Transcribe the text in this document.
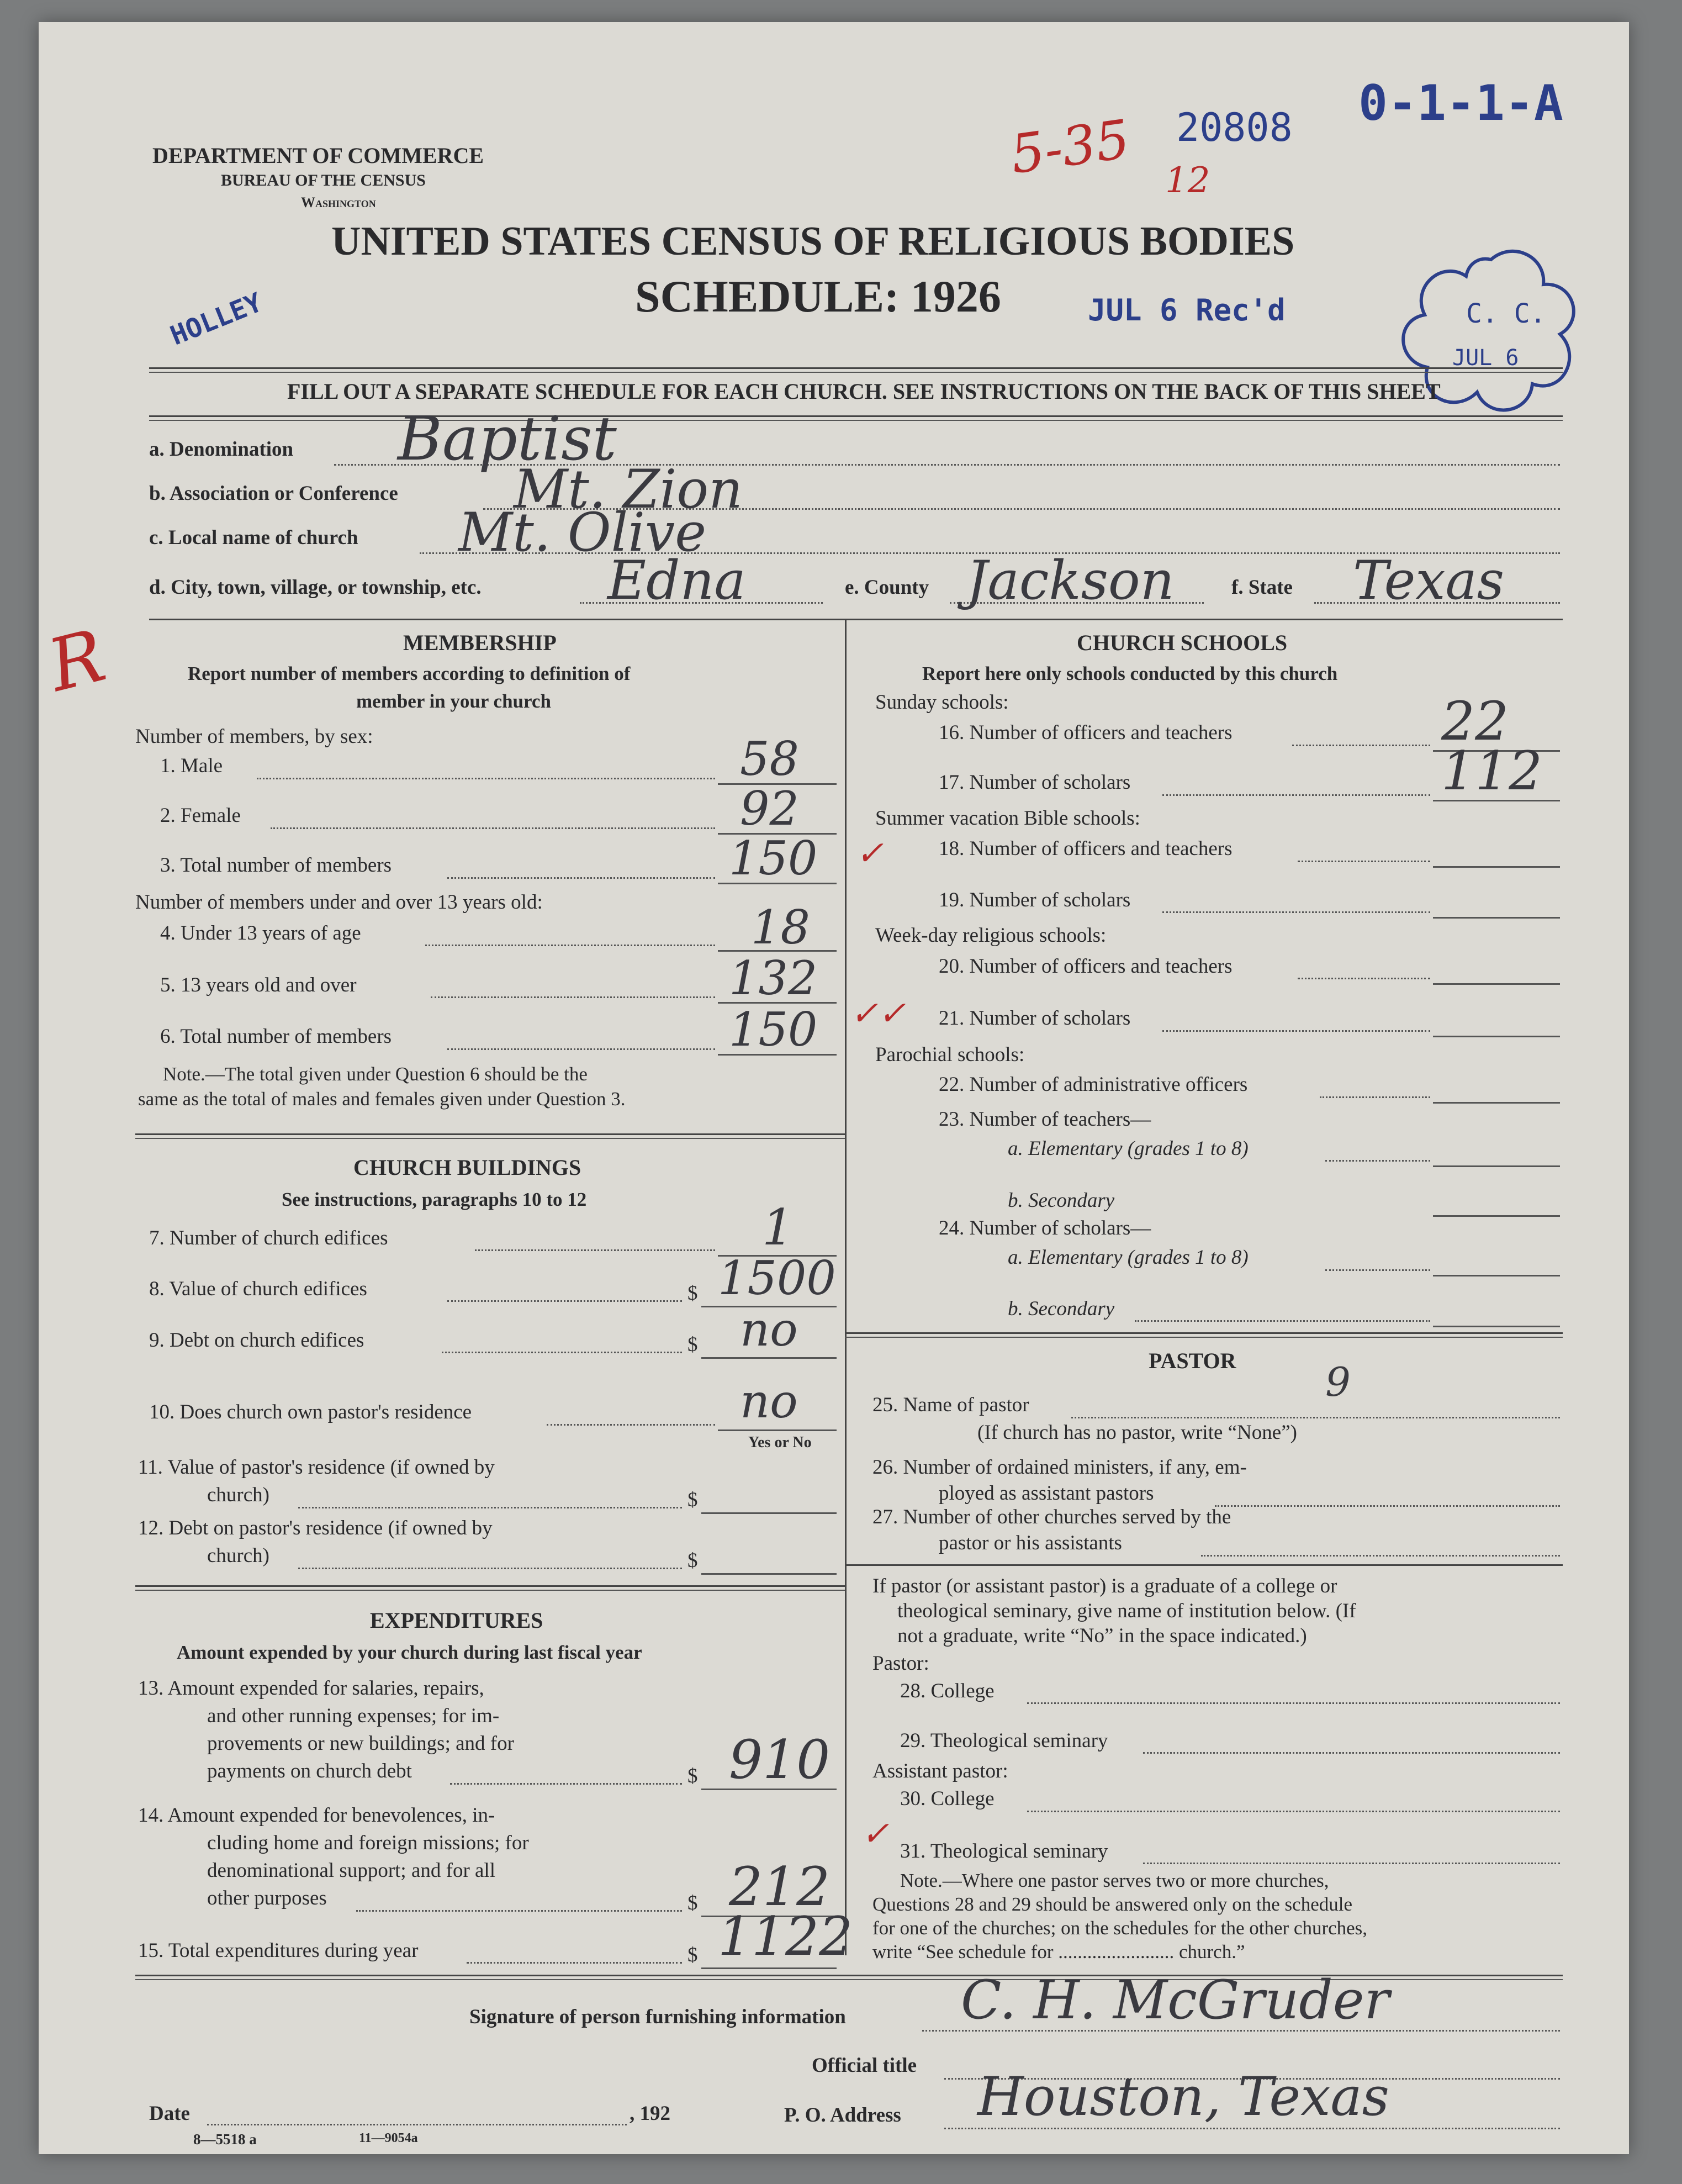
DEPARTMENT OF COMMERCE
BUREAU OF THE CENSUS
Washington
UNITED STATES CENSUS OF RELIGIOUS BODIES
SCHEDULE: 1926
0-1-1-A
20808
5-35 12
JUL 6 Rec'd
HOLLEY
R
C. C.
JUL 6
FILL OUT A SEPARATE SCHEDULE FOR EACH CHURCH. SEE INSTRUCTIONS ON THE BACK OF THIS SHEET
a. Denomination Baptist
b. Association or Conference Mt. Zion
c. Local name of church Mt. Olive
d. City, town, village, or township, etc. Edna	e. County Jackson	f. State Texas
MEMBERSHIP
Report number of members according to definition of
member in your church
Number of members, by sex:
1. Male	58
2. Female	92
3. Total number of members	150
Number of members under and over 13 years old:
4. Under 13 years of age	18
5. 13 years old and over	132
6. Total number of members	150
Note.—The total given under Question 6 should be the
same as the total of males and females given under Question 3.
CHURCH BUILDINGS
See instructions, paragraphs 10 to 12
7. Number of church edifices	1
8. Value of church edifices	$ 1500
9. Debt on church edifices	$ no
10. Does church own pastor's residence	no
Yes or No
11. Value of pastor's residence (if owned by
church)	$
12. Debt on pastor's residence (if owned by
church)	$
EXPENDITURES
Amount expended by your church during last fiscal year
13. Amount expended for salaries, repairs,
and other running expenses; for im-
provements or new buildings; and for
payments on church debt	$ 910
14. Amount expended for benevolences, in-
cluding home and foreign missions; for
denominational support; and for all
other purposes	$ 212
15. Total expenditures during year	$ 1122
CHURCH SCHOOLS
Report here only schools conducted by this church
Sunday schools:
16. Number of officers and teachers	22
17. Number of scholars	112
Summer vacation Bible schools:
✓	18. Number of officers and teachers
19. Number of scholars
Week-day religious schools:
20. Number of officers and teachers
✓✓ 21. Number of scholars
Parochial schools:
22. Number of administrative officers
23. Number of teachers—
a. Elementary (grades 1 to 8)
b. Secondary
24. Number of scholars—
a. Elementary (grades 1 to 8)
b. Secondary
PASTOR
25. Name of pastor	9
(If church has no pastor, write “None”)
26. Number of ordained ministers, if any, em-
ployed as assistant pastors
27. Number of other churches served by the
pastor or his assistants
If pastor (or assistant pastor) is a graduate of a college or
theological seminary, give name of institution below. (If
not a graduate, write “No” in the space indicated.)
Pastor:
28. College
29. Theological seminary
Assistant pastor:
30. College
✓ 31. Theological seminary
Note.—Where one pastor serves two or more churches,
Questions 28 and 29 should be answered only on the schedule
for one of the churches; on the schedules for the other churches,
write “See schedule for ........................ church.”
Signature of person furnishing information C. H. McGruder
Official title
Date	, 192	P. O. Address Houston, Texas
8—5518 a	11—9054a
